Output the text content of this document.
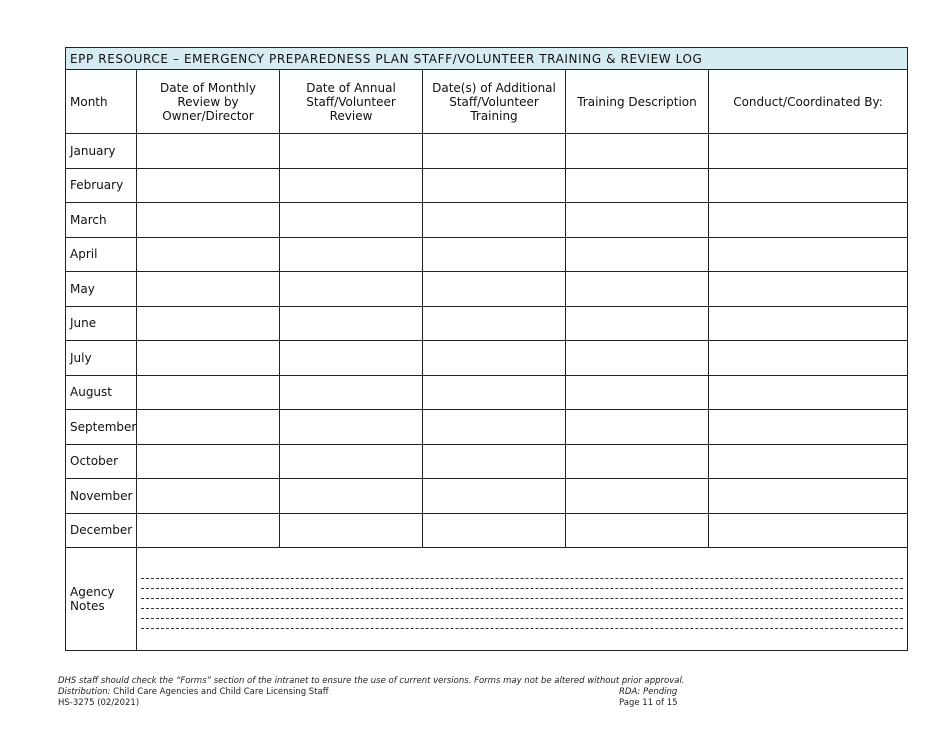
EPP RESOURCE – EMERGENCY PREPAREDNESS PLAN STAFF/VOLUNTEER TRAINING & REVIEW LOG					
Month	Date of Monthly Review by Owner/Director	Date of Annual Staff/Volunteer Review	Date(s) of Additional Staff/Volunteer Training	Training Description	Conduct/Coordinated By:
January					
February					
March					
April					
May					
June					
July					
August					
September					
October					
November					
December					
Agency Notes					
DHS staff should check the “Forms” section of the intranet to ensure the use of current versions. Forms may not be altered without prior approval.
Distribution: Child Care Agencies and Child Care Licensing Staff
HS-3275 (02/2021)
RDA: Pending
Page 11 of 15
